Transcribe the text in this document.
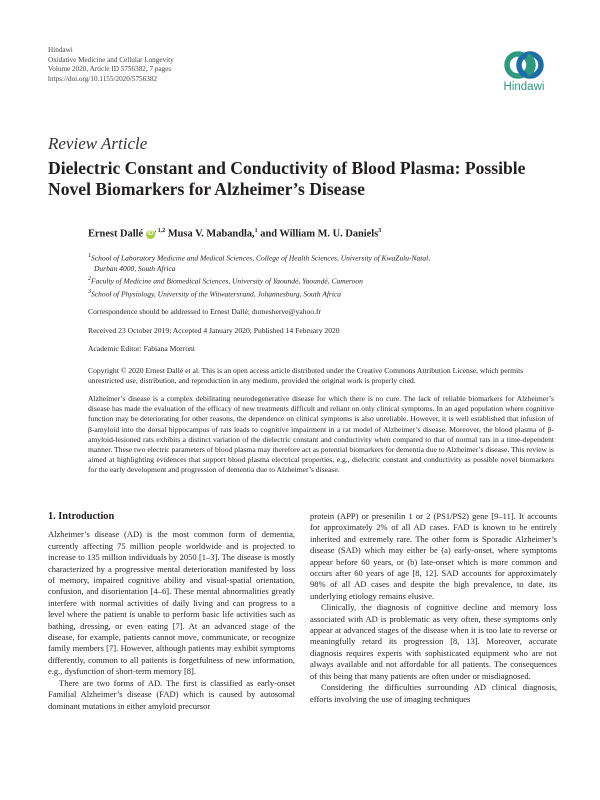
Hindawi
Oxidative Medicine and Cellular Longevity
Volume 2020, Article ID 5756382, 7 pages
https://doi.org/10.1155/2020/5756382
Hindawi
Review Article
Dielectric Constant and Conductivity of Blood Plasma: Possible Novel Biomarkers for Alzheimer’s Disease
Ernest Dallé $iD^{, 1,2}$ Musa V. Mabandla,$^1$ and William M. U. Daniels$^3$
$^1$School of Laboratory Medicine and Medical Sciences, College of Health Sciences, University of KwaZulu-Natal,
Durban 4000, South Africa
$^2$Faculty of Medicine and Biomedical Sciences, University of Yaoundé, Yaoundé, Cameroon
$^3$School of Physiology, University of the Witwatersrand, Johannesburg, South Africa
Correspondence should be addressed to Ernest Dallé; dumesherve@yahoo.fr
Received 23 October 2019; Accepted 4 January 2020; Published 14 February 2020
Academic Editor: Fabiana Morroni
Copyright © 2020 Ernest Dallé et al. This is an open access article distributed under the Creative Commons Attribution License, which permits unrestricted use, distribution, and reproduction in any medium, provided the original work is properly cited.
Alzheimer’s disease is a complex debilitating neurodegenerative disease for which there is no cure. The lack of reliable biomarkers for Alzheimer’s disease has made the evaluation of the efficacy of new treatments difficult and reliant on only clinical symptoms. In an aged population where cognitive function may be deteriorating for other reasons, the dependence on clinical symptoms is also unreliable. However, it is well established that infusion of β-amyloid into the dorsal hippocampus of rats leads to cognitive impairment in a rat model of Alzheimer’s disease. Moreover, the blood plasma of β-amyloid-lesioned rats exhibits a distinct variation of the dielectric constant and conductivity when compared to that of normal rats in a time-dependent manner. These two electric parameters of blood plasma may therefore act as potential biomarkers for dementia due to Alzheimer’s disease. This review is aimed at highlighting evidences that support blood plasma electrical properties, e.g., dielectric constant and conductivity as possible novel biomarkers for the early development and progression of dementia due to Alzheimer’s disease.
1. Introduction

Alzheimer’s disease (AD) is the most common form of dementia, currently affecting 75 million people worldwide and is projected to increase to 135 million individuals by 2050 [1–3]. The disease is mostly characterized by a progressive mental deterioration manifested by loss of memory, impaired cognitive ability and visual-spatial orientation, confusion, and disorientation [4–6]. These mental abnormalities greatly interfere with normal activities of daily living and can progress to a level where the patient is unable to perform basic life activities such as bathing, dressing, or even eating [7]. At an advanced stage of the disease, for example, patients cannot move, communicate, or recognize family members [7]. However, although patients may exhibit symptoms differently, common to all patients is forgetfulness of new information, e.g., dysfunction of short-term memory [8].

There are two forms of AD. The first is classified as early-onset Familial Alzheimer’s disease (FAD) which is caused by autosomal dominant mutations in either amyloid precursor

protein (APP) or presenilin 1 or 2 (PS1/PS2) gene [9–11]. It accounts for approximately 2% of all AD cases. FAD is known to be entirely inherited and extremely rare. The other form is Sporadic Alzheimer’s disease (SAD) which may either be (a) early-onset, where symptoms appear before 60 years, or (b) late-onset which is more common and occurs after 60 years of age [8, 12]. SAD accounts for approximately 98% of all AD cases and despite the high prevalence, to date, its underlying etiology remains elusive.

Clinically, the diagnosis of cognitive decline and memory loss associated with AD is problematic as very often, these symptoms only appear at advanced stages of the disease when it is too late to reverse or meaningfully retard its progression [8, 13]. Moreover, accurate diagnosis requires experts with sophisticated equipment who are not always available and not affordable for all patients. The consequences of this being that many patients are often under or misdiagnosed.

Considering the difficulties surrounding AD clinical diagnosis, efforts involving the use of imaging techniques
